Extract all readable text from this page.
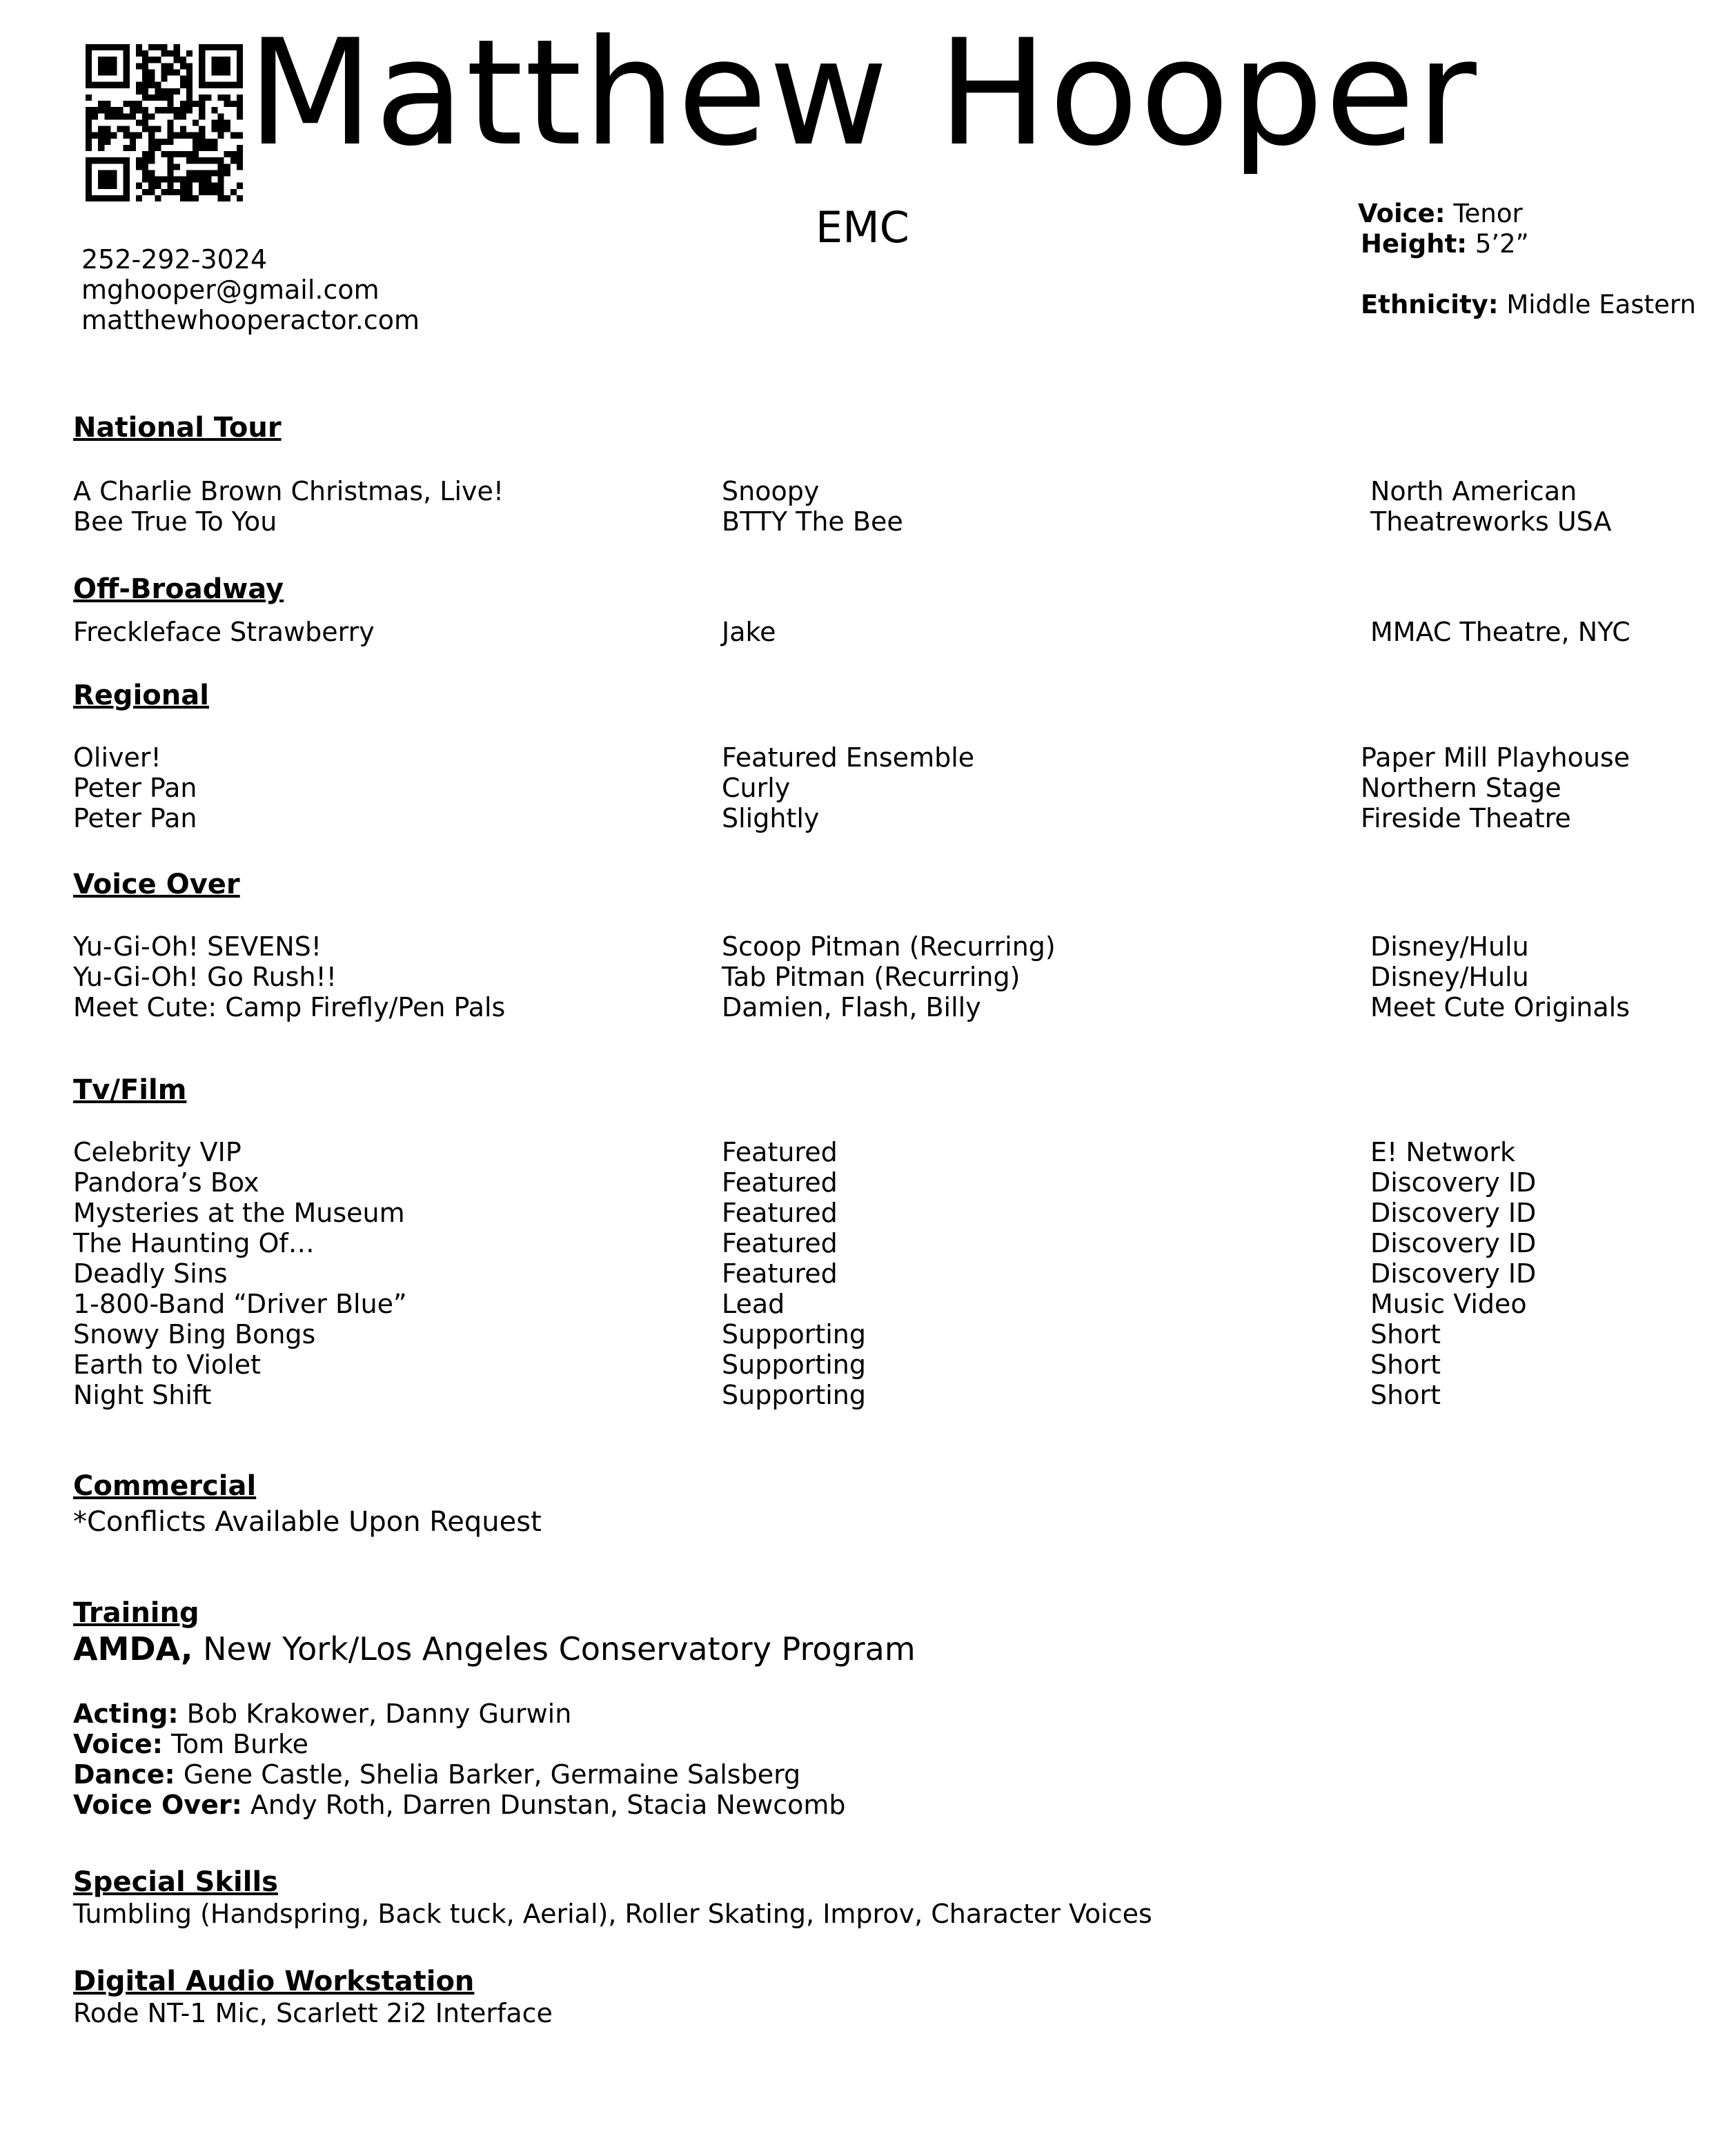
Matthew Hooper
EMC
252-292-3024
mghooper@gmail.com
matthewhooperactor.com
Voice: Tenor
Height: 5’2”
Ethnicity: Middle Eastern
National Tour
A Charlie Brown Christmas, Live!	Snoopy	North American
Bee True To You	BTTY The Bee	Theatreworks USA
Off-Broadway
Freckleface Strawberry	Jake	MMAC Theatre, NYC
Regional
Oliver!	Featured Ensemble	Paper Mill Playhouse
Peter Pan	Curly	Northern Stage
Peter Pan	Slightly	Fireside Theatre
Voice Over
Yu-Gi-Oh! SEVENS!	Scoop Pitman (Recurring)	Disney/Hulu
Yu-Gi-Oh! Go Rush!!	Tab Pitman (Recurring)	Disney/Hulu
Meet Cute: Camp Firefly/Pen Pals	Damien, Flash, Billy	Meet Cute Originals
Tv/Film
Celebrity VIP	Featured	E! Network
Pandora’s Box	Featured	Discovery ID
Mysteries at the Museum	Featured	Discovery ID
The Haunting Of…	Featured	Discovery ID
Deadly Sins	Featured	Discovery ID
1-800-Band “Driver Blue”	Lead	Music Video
Snowy Bing Bongs	Supporting	Short
Earth to Violet	Supporting	Short
Night Shift	Supporting	Short
Commercial
*Conflicts Available Upon Request
Training
AMDA, New York/Los Angeles Conservatory Program
Acting: Bob Krakower, Danny Gurwin
Voice: Tom Burke
Dance: Gene Castle, Shelia Barker, Germaine Salsberg
Voice Over: Andy Roth, Darren Dunstan, Stacia Newcomb
Special Skills
Tumbling (Handspring, Back tuck, Aerial), Roller Skating, Improv, Character Voices
Digital Audio Workstation
Rode NT-1 Mic, Scarlett 2i2 Interface
